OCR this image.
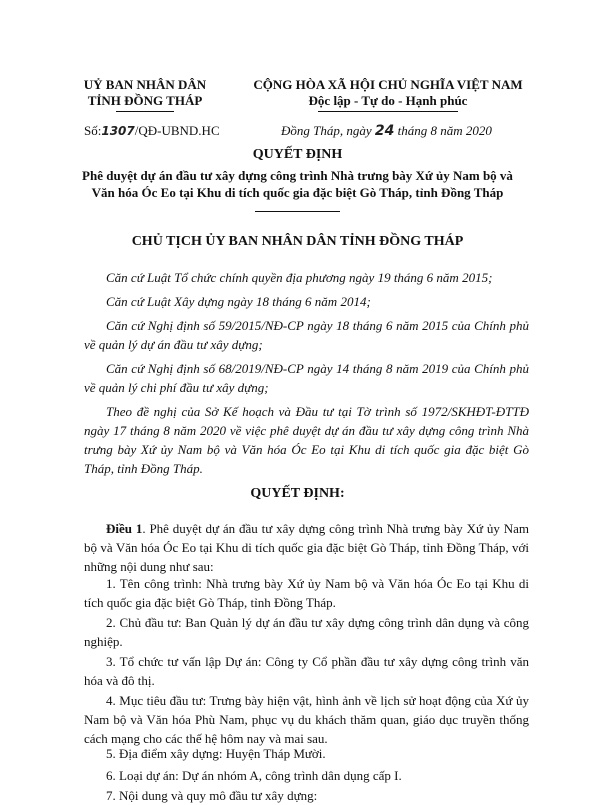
UỶ BAN NHÂN DÂN
TỈNH ĐỒNG THÁP
Số:1307/QĐ-UBND.HC
CỘNG HÒA XÃ HỘI CHỦ NGHĨA VIỆT NAM
Độc lập - Tự do - Hạnh phúc
Đồng Tháp, ngày 24 tháng 8 năm 2020
QUYẾT ĐỊNH
Phê duyệt dự án đầu tư xây dựng công trình Nhà trưng bày Xứ ủy Nam bộ và
Văn hóa Óc Eo tại Khu di tích quốc gia đặc biệt Gò Tháp, tỉnh Đồng Tháp
CHỦ TỊCH ỦY BAN NHÂN DÂN TỈNH ĐỒNG THÁP
Căn cứ Luật Tổ chức chính quyền địa phương ngày 19 tháng 6 năm 2015;
Căn cứ Luật Xây dựng ngày 18 tháng 6 năm 2014;
Căn cứ Nghị định số 59/2015/NĐ-CP ngày 18 tháng 6 năm 2015 của Chính phủ về quản lý dự án đầu tư xây dựng;
Căn cứ Nghị định số 68/2019/NĐ-CP ngày 14 tháng 8 năm 2019 của Chính phủ về quản lý chi phí đầu tư xây dựng;
Theo đề nghị của Sở Kế hoạch và Đầu tư tại Tờ trình số 1972/SKHĐT-ĐTTĐ ngày 17 tháng 8 năm 2020 về việc phê duyệt dự án đầu tư xây dựng công trình Nhà trưng bày Xứ ủy Nam bộ và Văn hóa Óc Eo tại Khu di tích quốc gia đặc biệt Gò Tháp, tỉnh Đồng Tháp.
QUYẾT ĐỊNH:
Điều 1. Phê duyệt dự án đầu tư xây dựng công trình Nhà trưng bày Xứ ủy Nam bộ và Văn hóa Óc Eo tại Khu di tích quốc gia đặc biệt Gò Tháp, tỉnh Đồng Tháp, với những nội dung như sau:
1. Tên công trình: Nhà trưng bày Xứ ủy Nam bộ và Văn hóa Óc Eo tại Khu di tích quốc gia đặc biệt Gò Tháp, tỉnh Đồng Tháp.
2. Chủ đầu tư: Ban Quản lý dự án đầu tư xây dựng công trình dân dụng và công nghiệp.
3. Tổ chức tư vấn lập Dự án: Công ty Cổ phần đầu tư xây dựng công trình văn hóa và đô thị.
4. Mục tiêu đầu tư: Trưng bày hiện vật, hình ảnh về lịch sử hoạt động của Xứ ủy Nam bộ và Văn hóa Phù Nam, phục vụ du khách thăm quan, giáo dục truyền thống cách mạng cho các thế hệ hôm nay và mai sau.
5. Địa điểm xây dựng: Huyện Tháp Mười.
6. Loại dự án: Dự án nhóm A, công trình dân dụng cấp I.
7. Nội dung và quy mô đầu tư xây dựng:
